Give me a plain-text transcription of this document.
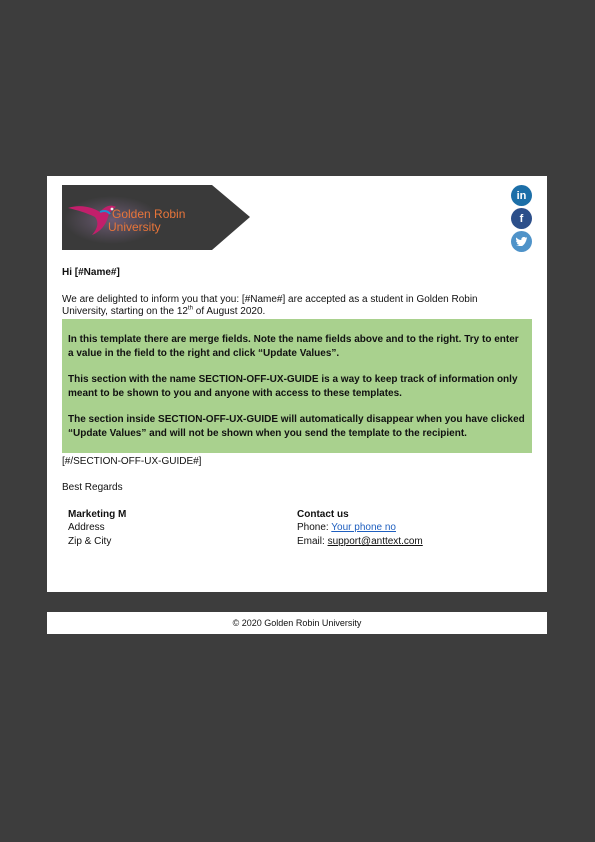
Golden Robin
University
in
f
Hi [#Name#]
We are delighted to inform you that you: [#Name#] are accepted as a student in Golden Robin University, starting on the 12th of August 2020.

In this template there are merge fields. Note the name fields above and to the right. Try to enter a value in the field to the right and click “Update Values”.

This section with the name SECTION-OFF-UX-GUIDE is a way to keep track of information only meant to be shown to you and anyone with access to these templates.

The section inside SECTION-OFF-UX-GUIDE will automatically disappear when you have clicked “Update Values” and will not be shown when you send the template to the recipient.

[#/SECTION-OFF-UX-GUIDE#]
Best Regards
Marketing M
Address
Zip & City
Contact us
Phone: Your phone no
Email: support@anttext.com
© 2020 Golden Robin University
